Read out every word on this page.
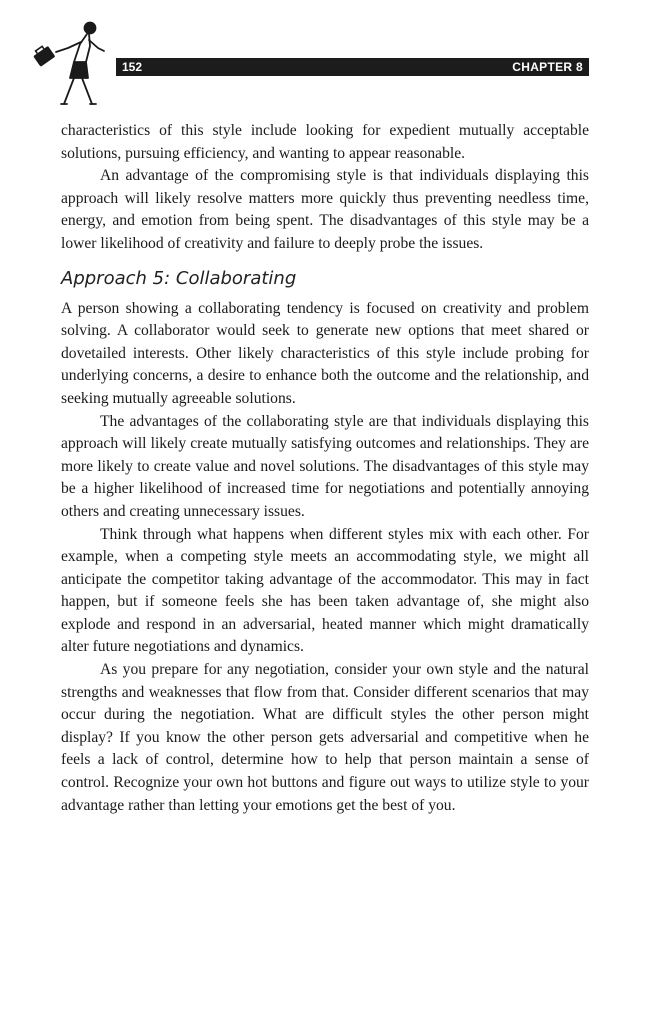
152	CHAPTER 8

characteristics of this style include looking for expedient mutually acceptable solutions, pursuing efficiency, and wanting to appear reasonable.

An advantage of the compromising style is that individuals displaying this approach will likely resolve matters more quickly thus preventing needless time, energy, and emotion from being spent. The disadvantages of this style may be a lower likelihood of creativity and failure to deeply probe the issues.

Approach 5: Collaborating

A person showing a collaborating tendency is focused on creativity and problem solving. A collaborator would seek to generate new options that meet shared or dovetailed interests. Other likely characteristics of this style include probing for underlying concerns, a desire to enhance both the outcome and the relationship, and seeking mutually agreeable solutions.

The advantages of the collaborating style are that individuals displaying this approach will likely create mutually satisfying outcomes and relationships. They are more likely to create value and novel solutions. The disadvantages of this style may be a higher likelihood of increased time for negotiations and potentially annoying others and creating unnecessary issues.

Think through what happens when different styles mix with each other. For example, when a competing style meets an accommodating style, we might all anticipate the competitor taking advantage of the accommodator. This may in fact happen, but if someone feels she has been taken advantage of, she might also explode and respond in an adversarial, heated manner which might dramatically alter future negotiations and dynamics.

As you prepare for any negotiation, consider your own style and the natural strengths and weaknesses that flow from that. Consider different scenarios that may occur during the negotiation. What are difficult styles the other person might display? If you know the other person gets adversarial and competitive when he feels a lack of control, determine how to help that person maintain a sense of control. Recognize your own hot buttons and figure out ways to utilize style to your advantage rather than letting your emotions get the best of you.
